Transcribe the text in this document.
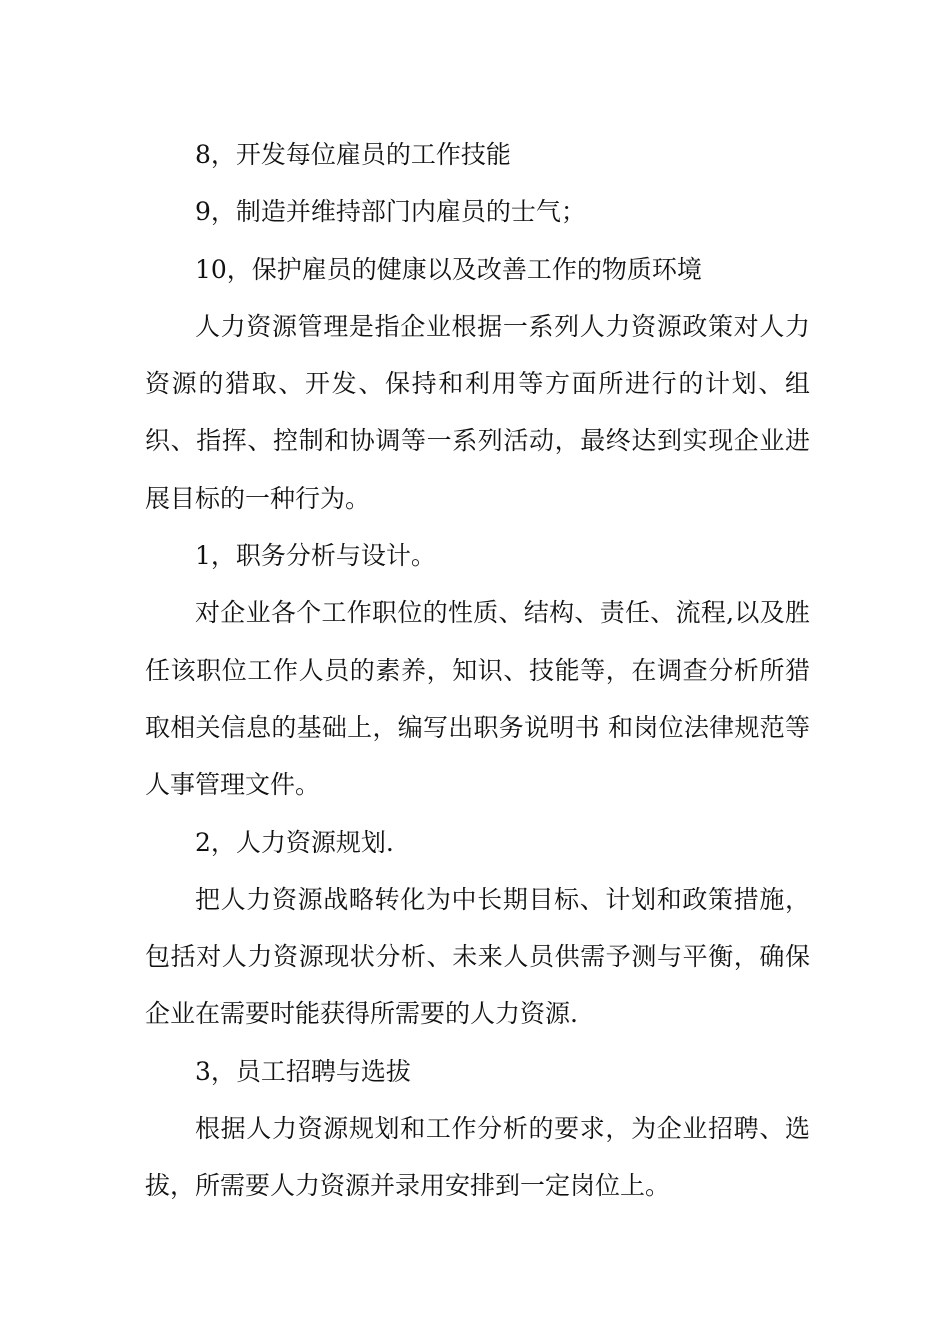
8，开发每位雇员的工作技能

9，制造并维持部门内雇员的士气；

10，保护雇员的健康以及改善工作的物质环境

人力资源管理是指企业根据一系列人力资源政策对人力资源的猎取、开发、保持和利用等方面所进行的计划、组织、指挥、控制和协调等一系列活动，最终达到实现企业进展目标的一种行为。

1，职务分析与设计。

对企业各个工作职位的性质、结构、责任、流程,以及胜任该职位工作人员的素养，知识、技能等，在调查分析所猎取相关信息的基础上，编写出职务说明书 和岗位法律规范等人事管理文件。

2，人力资源规划.

把人力资源战略转化为中长期目标、计划和政策措施，包括对人力资源现状分析、未来人员供需予测与平衡，确保企业在需要时能获得所需要的人力资源.

3，员工招聘与选拔

根据人力资源规划和工作分析的要求，为企业招聘、选拔，所需要人力资源并录用安排到一定岗位上。
